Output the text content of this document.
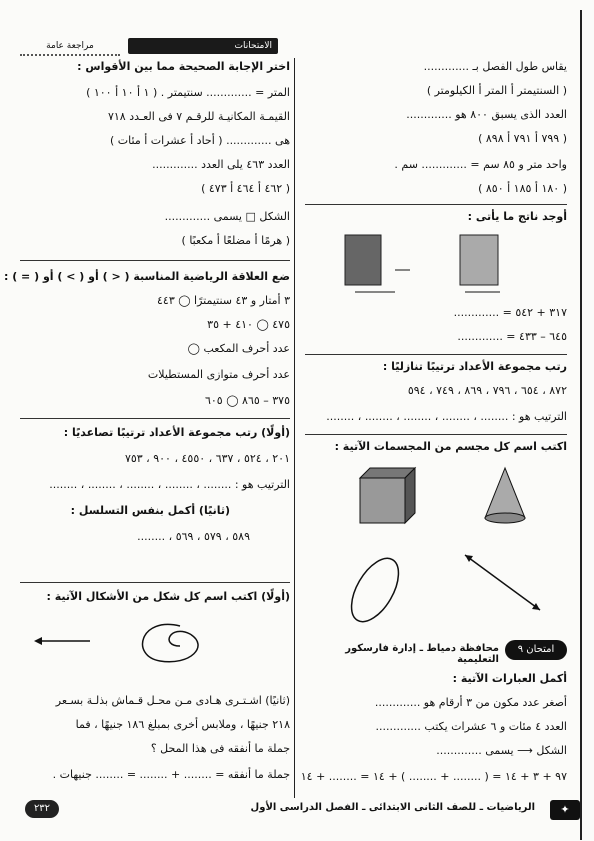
الامتحانات
مراجعة عامة
اختر الإجابة الصحيحة مما بين الأقواس :
المتر = ............. سنتيمتر . ( ١ أ ١٠ أ ١٠٠ )
القيمـة المكانيـة للرقـم ٧ فى العـدد ٧١٨
هى ............. ( أحاد أ عشرات أ مئات )
العدد ٤٦٣ يلى العدد .............
( ٤٦٢ أ ٤٦٤ أ ٤٧٣ )
الشكل □ يسمى .............
( هرمًا أ مضلعًا أ مكعبًا )
ضع العلاقة الرياضية المناسبة ( < ) أو ( > ) أو ( = ) :
٣ أمتار و ٤٣ سنتيمترًا ◯ ٤٤٣
٤٧٥ ◯ ٤١٠ + ٣٥
عدد أحرف المكعب ◯
عدد أحرف متوازى المستطيلات
٣٧٥ – ٨٦٥ ◯ ٦٠٥
(أولًا) رتب مجموعة الأعداد ترتيبًا تصاعديًا :
٢٠١ ، ٥٢٤ ، ٦٣٧ ، ٤٥٥٠ ، ٩٠٠ ، ٧٥٣
الترتيب هو : ........ ، ........ ، ........ ، ........ ، ........
(ثانيًا) أكمل بنفس التسلسل :
٥٨٩ ، ٥٧٩ ، ٥٦٩ ، ........
(أولًا) اكتب اسم كل شكل من الأشكال الآتية :
(ثانيًا) اشـتـرى هـادى مـن محـل قـماش بذلـة بسـعر
٢١٨ جنيهًا ، وملابس أخرى بمبلغ ١٨٦ جنيهًا ، فما
جملة ما أنفقه فى هذا المحل ؟
جملة ما أنفقه = ........ + ........ = ........ جنيهات .
يقاس طول الفصل بـ .............
( السنتيمتر أ المتر أ الكيلومتر )
العدد الذى يسبق ٨٠٠ هو .............
( ٧٩٩ أ ٧٩١ أ ٨٩٨ )
واحد متر و ٨٥ سم = ............. سم .
( ١٨٠ أ ١٨٥ أ ٨٥٠ )
أوجد ناتج ما يأتى :
٣١٧ + ٥٤٢ = .............
٦٤٥ – ٤٣٣ = .............
رتب مجموعة الأعداد ترتيبًا تنازليًا :
٨٧٢ ، ٦٥٤ ، ٧٩٦ ، ٨٦٩ ، ٧٤٩ ، ٥٩٤
الترتيب هو : ........ ، ........ ، ........ ، ........ ، ........
اكتب اسم كل مجسم من المجسمات الآتية :
امتحان ٩
محافظة دمياط ـ إدارة فارسكور التعليمية
أكمل العبارات الآتية :
أصغر عدد مكون من ٣ أرقام هو .............
العدد ٤ مئات و ٦ عشرات يكتب .............
الشكل ⟶ يسمى .............
٩٧ + ٣ + ١٤ = ( ........ + ........ ) + ١٤ = ........ + ١٤
✦
الرياضيات ـ للصف الثانى الابتدائى ـ الفصل الدراسى الأول
٢٣٢
